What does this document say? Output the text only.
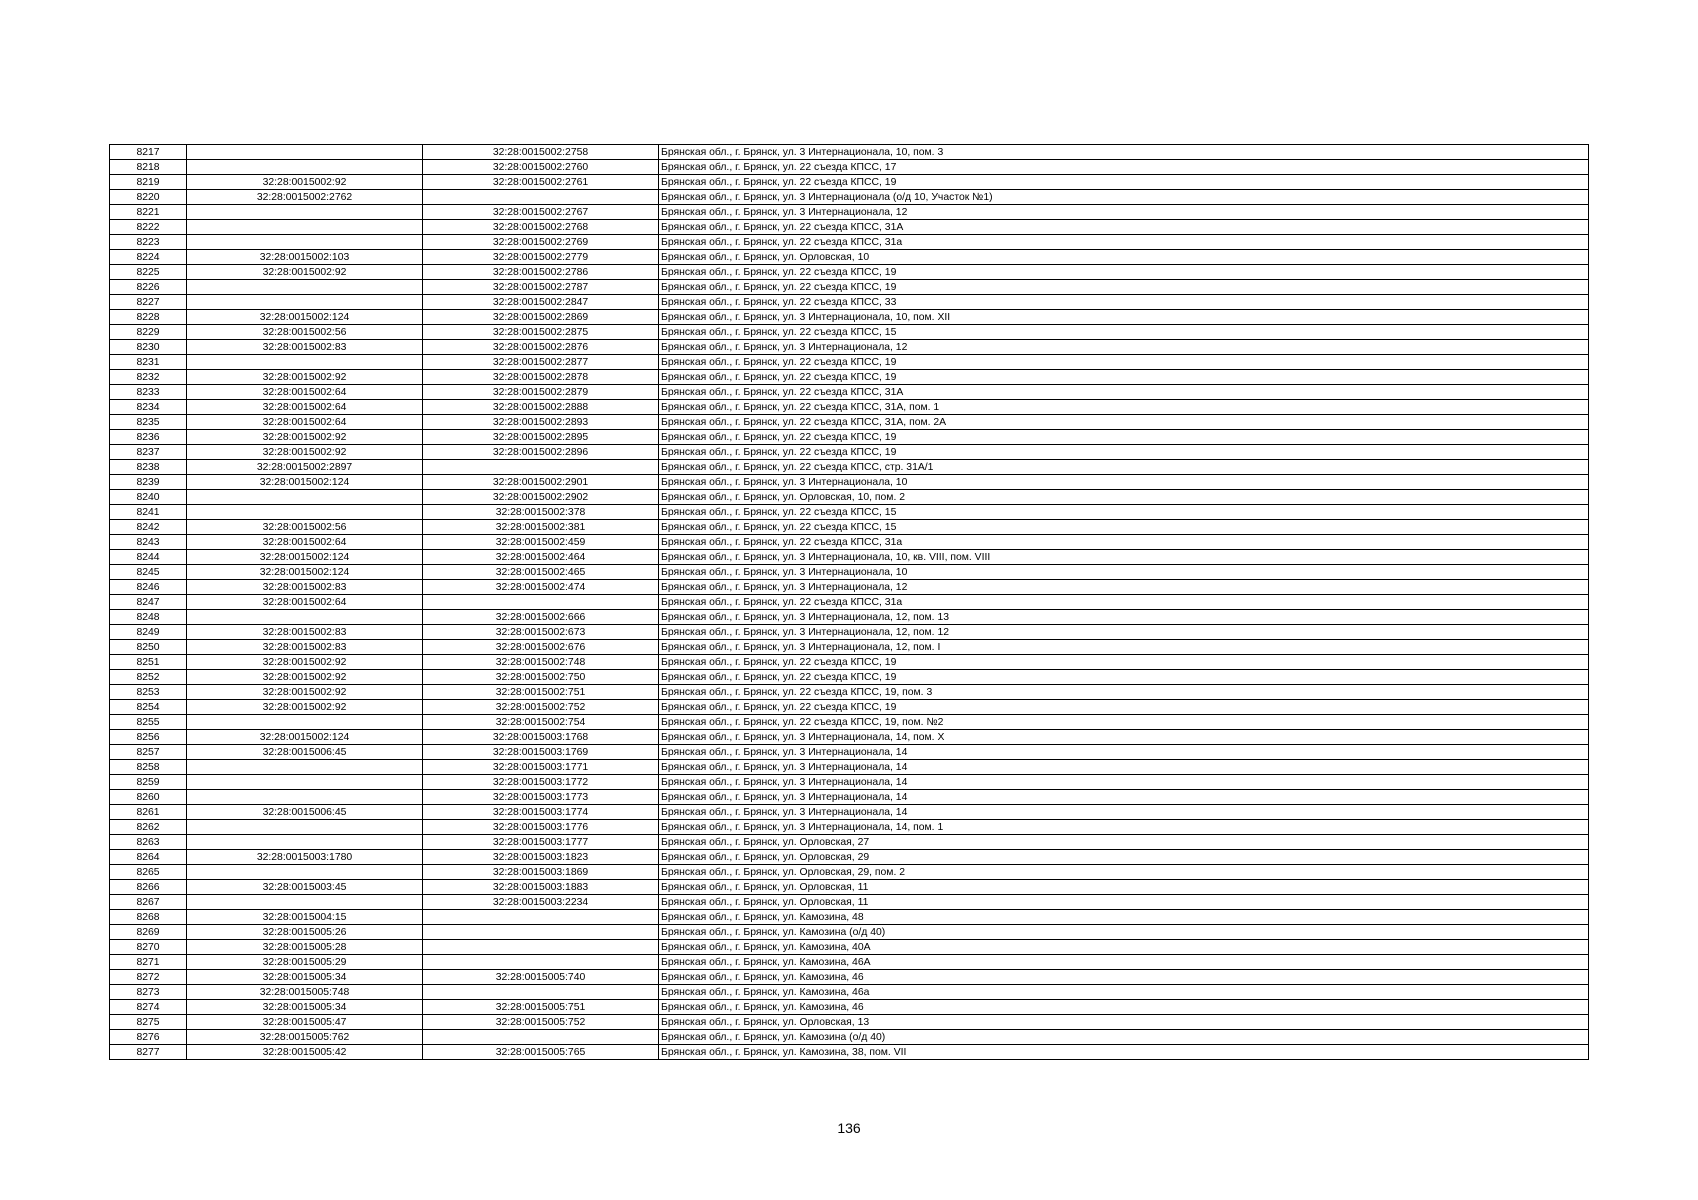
8217		32:28:0015002:2758	Брянская обл., г. Брянск, ул. 3 Интернационала, 10, пом. 3
8218		32:28:0015002:2760	Брянская обл., г. Брянск, ул. 22 съезда КПСС, 17
8219	32:28:0015002:92	32:28:0015002:2761	Брянская обл., г. Брянск, ул. 22 съезда КПСС, 19
8220	32:28:0015002:2762		Брянская обл., г. Брянск, ул. 3 Интернационала (о/д 10, Участок №1)
8221		32:28:0015002:2767	Брянская обл., г. Брянск, ул. 3 Интернационала, 12
8222		32:28:0015002:2768	Брянская обл., г. Брянск, ул. 22 съезда КПСС, 31А
8223		32:28:0015002:2769	Брянская обл., г. Брянск, ул. 22 съезда КПСС, 31а
8224	32:28:0015002:103	32:28:0015002:2779	Брянская обл., г. Брянск, ул. Орловская, 10
8225	32:28:0015002:92	32:28:0015002:2786	Брянская обл., г. Брянск, ул. 22 съезда КПСС, 19
8226		32:28:0015002:2787	Брянская обл., г. Брянск, ул. 22 съезда КПСС, 19
8227		32:28:0015002:2847	Брянская обл., г. Брянск, ул. 22 съезда КПСС, 33
8228	32:28:0015002:124	32:28:0015002:2869	Брянская обл., г. Брянск, ул. 3 Интернационала, 10, пом. XII
8229	32:28:0015002:56	32:28:0015002:2875	Брянская обл., г. Брянск, ул. 22 съезда КПСС, 15
8230	32:28:0015002:83	32:28:0015002:2876	Брянская обл., г. Брянск, ул. 3 Интернационала, 12
8231		32:28:0015002:2877	Брянская обл., г. Брянск, ул. 22 съезда КПСС, 19
8232	32:28:0015002:92	32:28:0015002:2878	Брянская обл., г. Брянск, ул. 22 съезда КПСС, 19
8233	32:28:0015002:64	32:28:0015002:2879	Брянская обл., г. Брянск, ул. 22 съезда КПСС, 31А
8234	32:28:0015002:64	32:28:0015002:2888	Брянская обл., г. Брянск, ул. 22 съезда КПСС, 31А, пом. 1
8235	32:28:0015002:64	32:28:0015002:2893	Брянская обл., г. Брянск, ул. 22 съезда КПСС, 31А, пом. 2А
8236	32:28:0015002:92	32:28:0015002:2895	Брянская обл., г. Брянск, ул. 22 съезда КПСС, 19
8237	32:28:0015002:92	32:28:0015002:2896	Брянская обл., г. Брянск, ул. 22 съезда КПСС, 19
8238	32:28:0015002:2897		Брянская обл., г. Брянск, ул. 22 съезда КПСС, стр. 31А/1
8239	32:28:0015002:124	32:28:0015002:2901	Брянская обл., г. Брянск, ул. 3 Интернационала, 10
8240		32:28:0015002:2902	Брянская обл., г. Брянск, ул. Орловская, 10, пом. 2
8241		32:28:0015002:378	Брянская обл., г. Брянск, ул. 22 съезда КПСС, 15
8242	32:28:0015002:56	32:28:0015002:381	Брянская обл., г. Брянск, ул. 22 съезда КПСС, 15
8243	32:28:0015002:64	32:28:0015002:459	Брянская обл., г. Брянск, ул. 22 съезда КПСС, 31а
8244	32:28:0015002:124	32:28:0015002:464	Брянская обл., г. Брянск, ул. 3 Интернационала, 10, кв. VIII, пом. VIII
8245	32:28:0015002:124	32:28:0015002:465	Брянская обл., г. Брянск, ул. 3 Интернационала, 10
8246	32:28:0015002:83	32:28:0015002:474	Брянская обл., г. Брянск, ул. 3 Интернационала, 12
8247	32:28:0015002:64		Брянская обл., г. Брянск, ул. 22 съезда КПСС, 31а
8248		32:28:0015002:666	Брянская обл., г. Брянск, ул. 3 Интернационала, 12, пом. 13
8249	32:28:0015002:83	32:28:0015002:673	Брянская обл., г. Брянск, ул. 3 Интернационала, 12, пом. 12
8250	32:28:0015002:83	32:28:0015002:676	Брянская обл., г. Брянск, ул. 3 Интернационала, 12, пом. I
8251	32:28:0015002:92	32:28:0015002:748	Брянская обл., г. Брянск, ул. 22 съезда КПСС, 19
8252	32:28:0015002:92	32:28:0015002:750	Брянская обл., г. Брянск, ул. 22 съезда КПСС, 19
8253	32:28:0015002:92	32:28:0015002:751	Брянская обл., г. Брянск, ул. 22 съезда КПСС, 19, пом. 3
8254	32:28:0015002:92	32:28:0015002:752	Брянская обл., г. Брянск, ул. 22 съезда КПСС, 19
8255		32:28:0015002:754	Брянская обл., г. Брянск, ул. 22 съезда КПСС, 19, пом. №2
8256	32:28:0015002:124	32:28:0015003:1768	Брянская обл., г. Брянск, ул. 3 Интернационала, 14, пом. Х
8257	32:28:0015006:45	32:28:0015003:1769	Брянская обл., г. Брянск, ул. 3 Интернационала, 14
8258		32:28:0015003:1771	Брянская обл., г. Брянск, ул. 3 Интернационала, 14
8259		32:28:0015003:1772	Брянская обл., г. Брянск, ул. 3 Интернационала, 14
8260		32:28:0015003:1773	Брянская обл., г. Брянск, ул. 3 Интернационала, 14
8261	32:28:0015006:45	32:28:0015003:1774	Брянская обл., г. Брянск, ул. 3 Интернационала, 14
8262		32:28:0015003:1776	Брянская обл., г. Брянск, ул. 3 Интернационала, 14, пом. 1
8263		32:28:0015003:1777	Брянская обл., г. Брянск, ул. Орловская, 27
8264	32:28:0015003:1780	32:28:0015003:1823	Брянская обл., г. Брянск, ул. Орловская, 29
8265		32:28:0015003:1869	Брянская обл., г. Брянск, ул. Орловская, 29, пом. 2
8266	32:28:0015003:45	32:28:0015003:1883	Брянская обл., г. Брянск, ул. Орловская, 11
8267		32:28:0015003:2234	Брянская обл., г. Брянск, ул. Орловская, 11
8268	32:28:0015004:15		Брянская обл., г. Брянск, ул. Камозина, 48
8269	32:28:0015005:26		Брянская обл., г. Брянск, ул. Камозина (о/д 40)
8270	32:28:0015005:28		Брянская обл., г. Брянск, ул. Камозина, 40А
8271	32:28:0015005:29		Брянская обл., г. Брянск, ул. Камозина, 46А
8272	32:28:0015005:34	32:28:0015005:740	Брянская обл., г. Брянск, ул. Камозина, 46
8273	32:28:0015005:748		Брянская обл., г. Брянск, ул. Камозина, 46а
8274	32:28:0015005:34	32:28:0015005:751	Брянская обл., г. Брянск, ул. Камозина, 46
8275	32:28:0015005:47	32:28:0015005:752	Брянская обл., г. Брянск, ул. Орловская, 13
8276	32:28:0015005:762		Брянская обл., г. Брянск, ул. Камозина (о/д 40)
8277	32:28:0015005:42	32:28:0015005:765	Брянская обл., г. Брянск, ул. Камозина, 38, пом. VII
136
